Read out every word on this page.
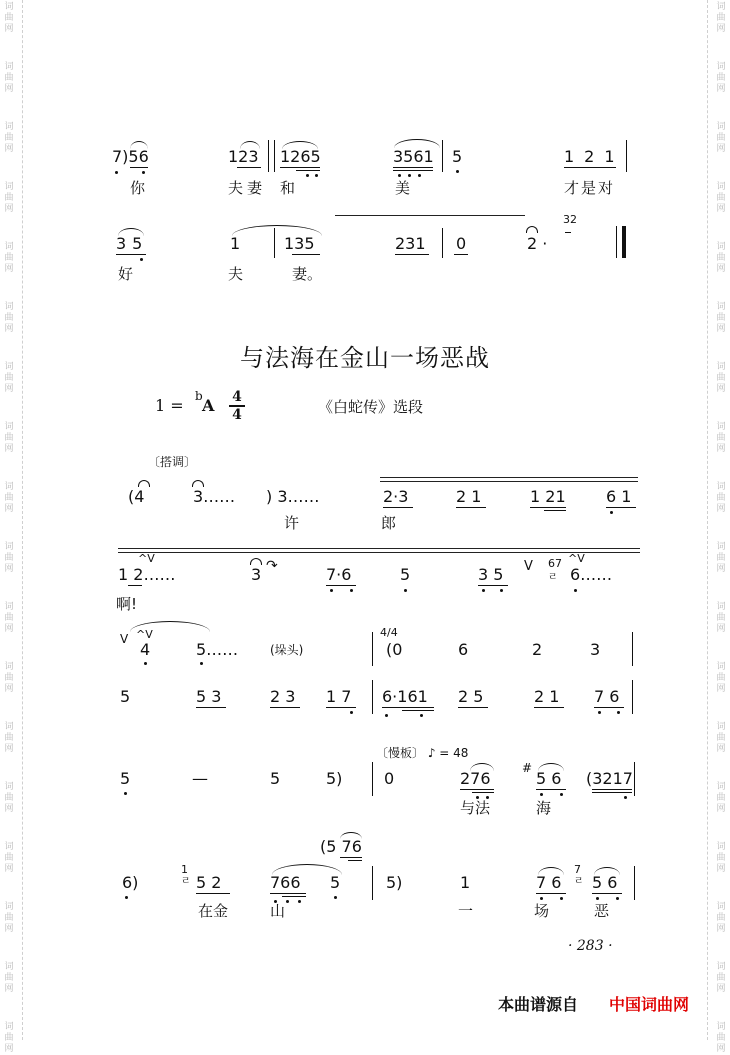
词曲网
词曲网
词曲网
词曲网
词曲网
词曲网
词曲网
词曲网
词曲网
词曲网
词曲网
词曲网
词曲网
词曲网
词曲网
词曲网
词曲网
词曲网
词曲网
词曲网
词曲网
词曲网
词曲网
词曲网
词曲网
词曲网
词曲网
词曲网
词曲网
词曲网
词曲网
词曲网
词曲网
词曲网
词曲网
词曲网
7)56	123 1265	3561 5	121
你	夫妻 和	美	才是对
35	1	135	231 0	2 ·
32
好	夫	妻。
与法海在金山一场恶战
1 = b A 4
4	《白蛇传》选段
〔搭调〕
(4	3…… ) 3……	2·3	2 1	1 21	6 1
许	郎
^V
1 2……	3 ↷	7·6	5	3 5 V 67
ㄹ
^V
6……
啊!
V ^V
4	5……	(垛头)
4/4
(0	6	2	3
5	5 3	2 3 1 7 6·161 2 5	2 1 7 6
〔慢板〕 ♪ = 48
5	—	5	5)	0	276
#
5 6 (3217
与法	海
(5 76
6)
1
ㄹ 5 2	766 5	5)	1	7 6
7
ㄹ 5 6
在金	山	一	场	恶
· 283 ·
本曲谱源自 中国词曲网
